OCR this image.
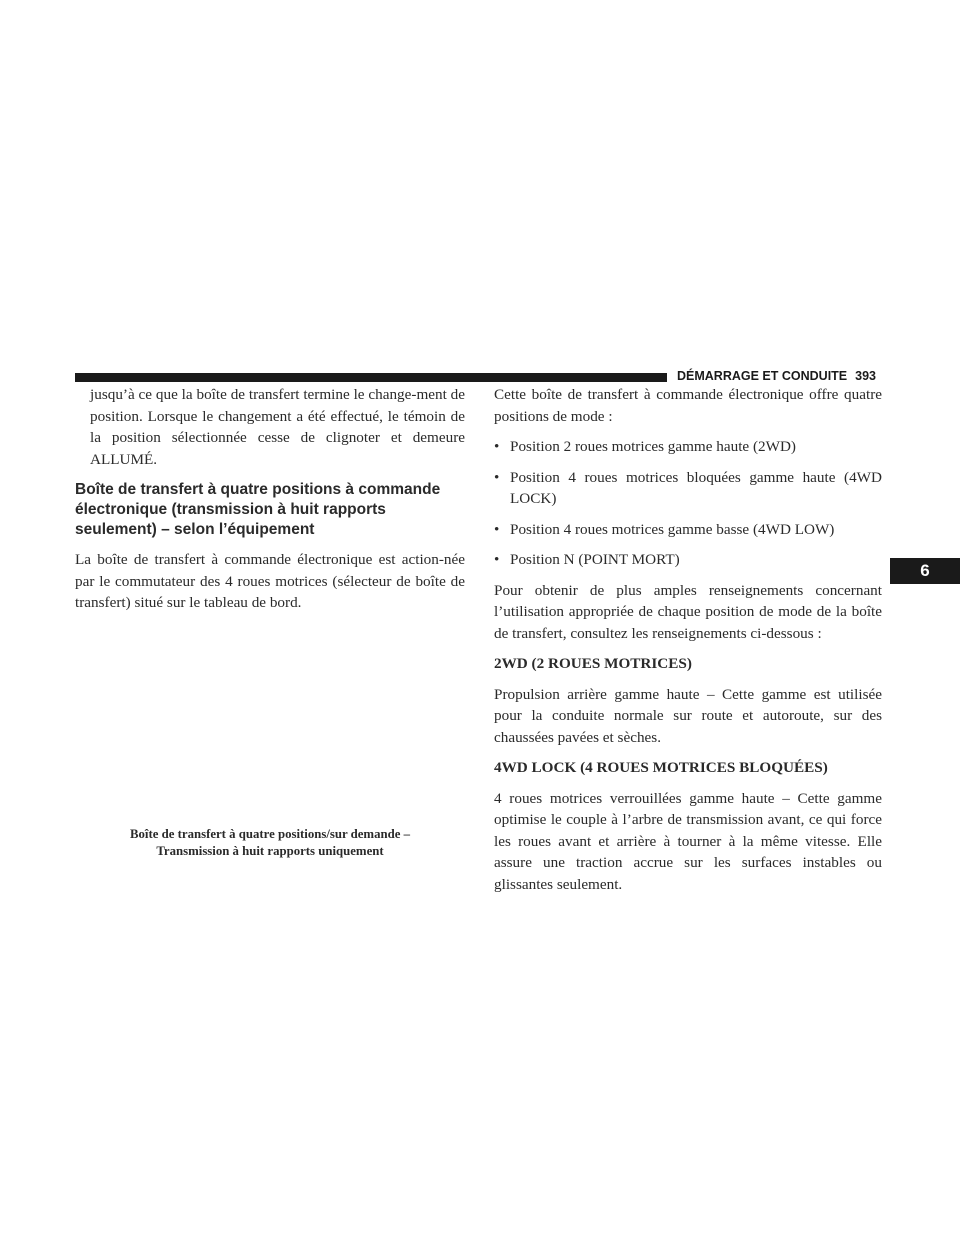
DÉMARRAGE ET CONDUITE 393
6

jusqu’à ce que la boîte de transfert termine le change-ment de position. Lorsque le changement a été effectué, le témoin de la position sélectionnée cesse de clignoter et demeure ALLUMÉ.

Boîte de transfert à quatre positions à commande électronique (transmission à huit rapports seulement) – selon l’équipement

La boîte de transfert à commande électronique est action-née par le commutateur des 4 roues motrices (sélecteur de boîte de transfert) situé sur le tableau de bord.

Boîte de transfert à quatre positions/sur demande –
Transmission à huit rapports uniquement

Cette boîte de transfert à commande électronique offre quatre positions de mode :

• Position 2 roues motrices gamme haute (2WD)
• Position 4 roues motrices bloquées gamme haute (4WD LOCK)
• Position 4 roues motrices gamme basse (4WD LOW)
• Position N (POINT MORT)

Pour obtenir de plus amples renseignements concernant l’utilisation appropriée de chaque position de mode de la boîte de transfert, consultez les renseignements ci-dessous :

2WD (2 ROUES MOTRICES)

Propulsion arrière gamme haute – Cette gamme est utilisée pour la conduite normale sur route et autoroute, sur des chaussées pavées et sèches.

4WD LOCK (4 ROUES MOTRICES BLOQUÉES)

4 roues motrices verrouillées gamme haute – Cette gamme optimise le couple à l’arbre de transmission avant, ce qui force les roues avant et arrière à tourner à la même vitesse. Elle assure une traction accrue sur les surfaces instables ou glissantes seulement.
